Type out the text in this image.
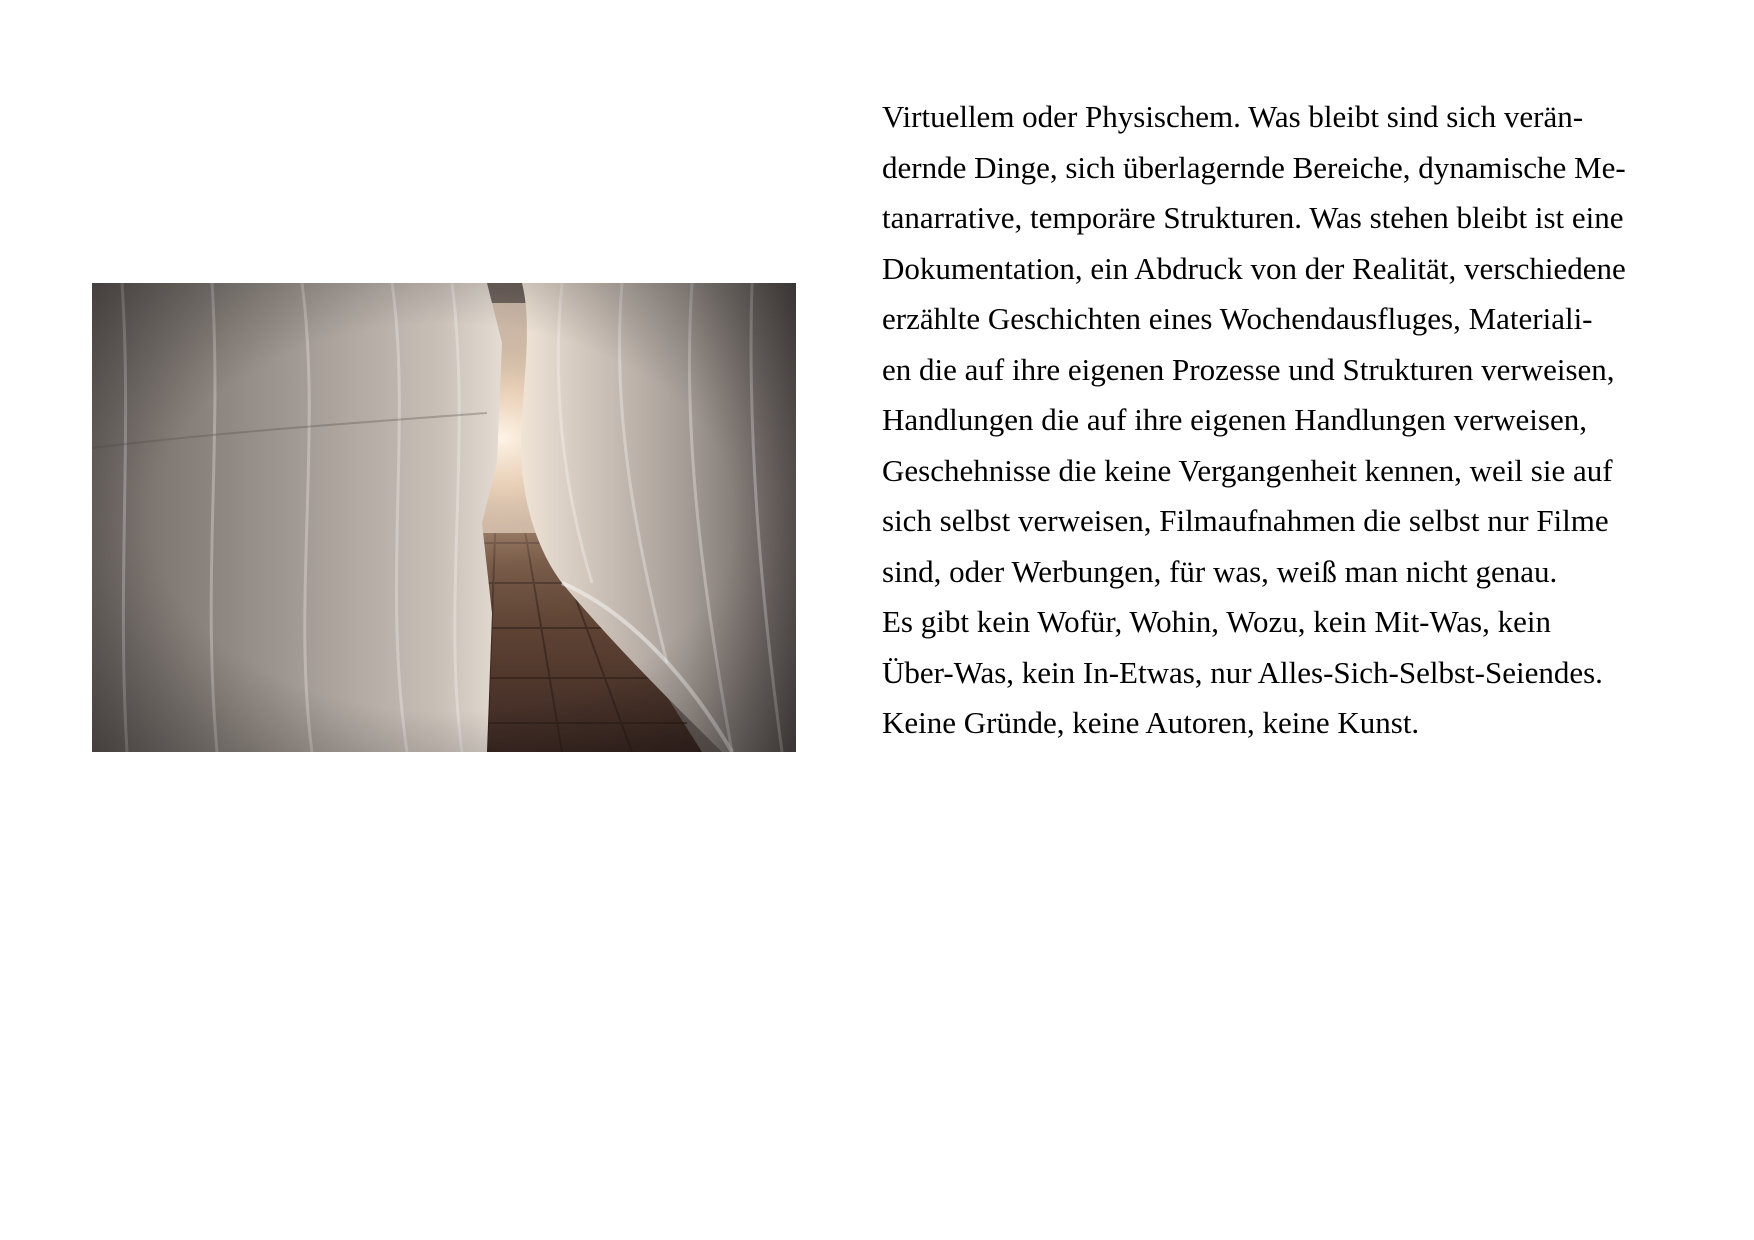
Virtuellem oder Physischem. Was bleibt sind sich verän-
dernde Dinge, sich überlagernde Bereiche, dynamische Me-
tanarrative, temporäre Strukturen. Was stehen bleibt ist eine
Dokumentation, ein Abdruck von der Realität, verschiedene
erzählte Geschichten eines Wochendausfluges, Materiali-
en die auf ihre eigenen Prozesse und Strukturen verweisen,
Handlungen die auf ihre eigenen Handlungen verweisen,
Geschehnisse die keine Vergangenheit kennen, weil sie auf
sich selbst verweisen, Filmaufnahmen die selbst nur Filme
sind, oder Werbungen, für was, weiß man nicht genau.
Es gibt kein Wofür, Wohin, Wozu, kein Mit-Was, kein
Über-Was, kein In-Etwas, nur Alles-Sich-Selbst-Seiendes.
Keine Gründe, keine Autoren, keine Kunst.
